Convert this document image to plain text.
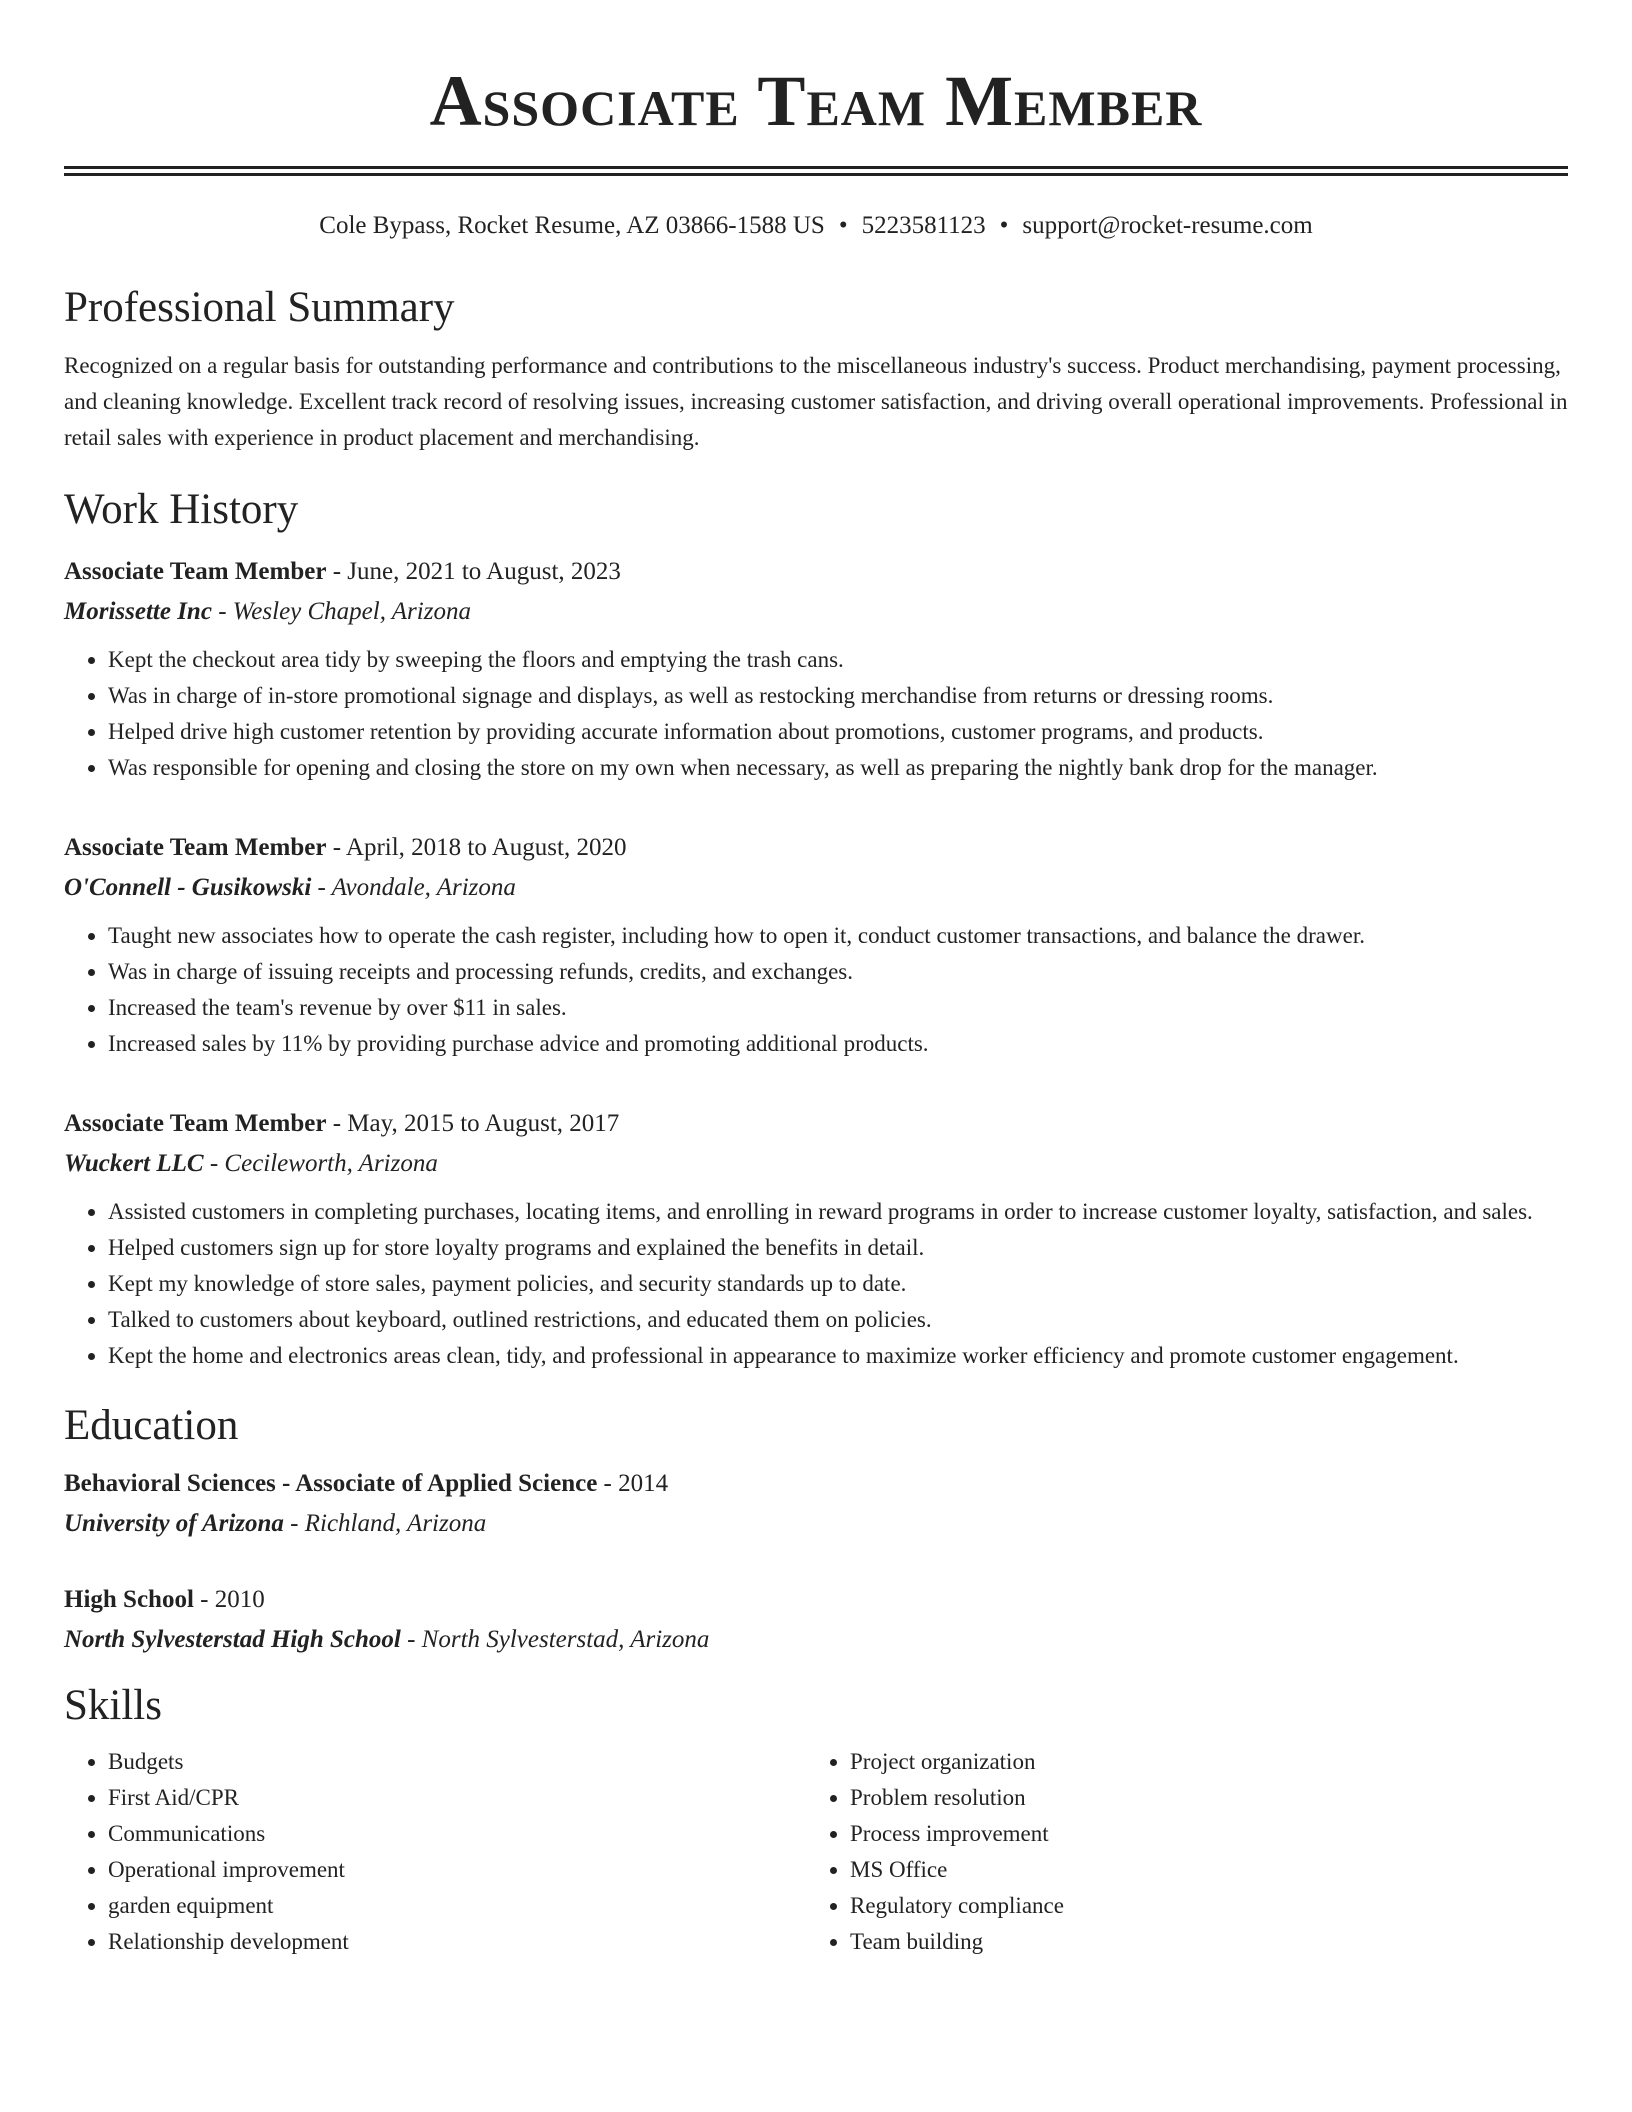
Associate Team Member
Cole Bypass, Rocket Resume, AZ 03866-1588 US • 5223581123 • support@rocket-resume.com
Professional Summary

Recognized on a regular basis for outstanding performance and contributions to the miscellaneous industry's success. Product merchandising, payment processing, and cleaning knowledge. Excellent track record of resolving issues, increasing customer satisfaction, and driving overall operational improvements. Professional in retail sales with experience in product placement and merchandising.

Work History
Associate Team Member - June, 2021 to August, 2023
Morissette Inc - Wesley Chapel, Arizona
• Kept the checkout area tidy by sweeping the floors and emptying the trash cans.
• Was in charge of in-store promotional signage and displays, as well as restocking merchandise from returns or dressing rooms.
• Helped drive high customer retention by providing accurate information about promotions, customer programs, and products.
• Was responsible for opening and closing the store on my own when necessary, as well as preparing the nightly bank drop for the manager.
Associate Team Member - April, 2018 to August, 2020
O'Connell - Gusikowski - Avondale, Arizona
• Taught new associates how to operate the cash register, including how to open it, conduct customer transactions, and balance the drawer.
• Was in charge of issuing receipts and processing refunds, credits, and exchanges.
• Increased the team's revenue by over $11 in sales.
• Increased sales by 11% by providing purchase advice and promoting additional products.
Associate Team Member - May, 2015 to August, 2017
Wuckert LLC - Cecileworth, Arizona
• Assisted customers in completing purchases, locating items, and enrolling in reward programs in order to increase customer loyalty, satisfaction, and sales.
• Helped customers sign up for store loyalty programs and explained the benefits in detail.
• Kept my knowledge of store sales, payment policies, and security standards up to date.
• Talked to customers about keyboard, outlined restrictions, and educated them on policies.
• Kept the home and electronics areas clean, tidy, and professional in appearance to maximize worker efficiency and promote customer engagement.
Education
Behavioral Sciences - Associate of Applied Science - 2014
University of Arizona - Richland, Arizona
High School - 2010
North Sylvesterstad High School - North Sylvesterstad, Arizona
Skills
• Budgets
• First Aid/CPR
• Communications
• Operational improvement
• garden equipment
• Relationship development
• Project organization
• Problem resolution
• Process improvement
• MS Office
• Regulatory compliance
• Team building
